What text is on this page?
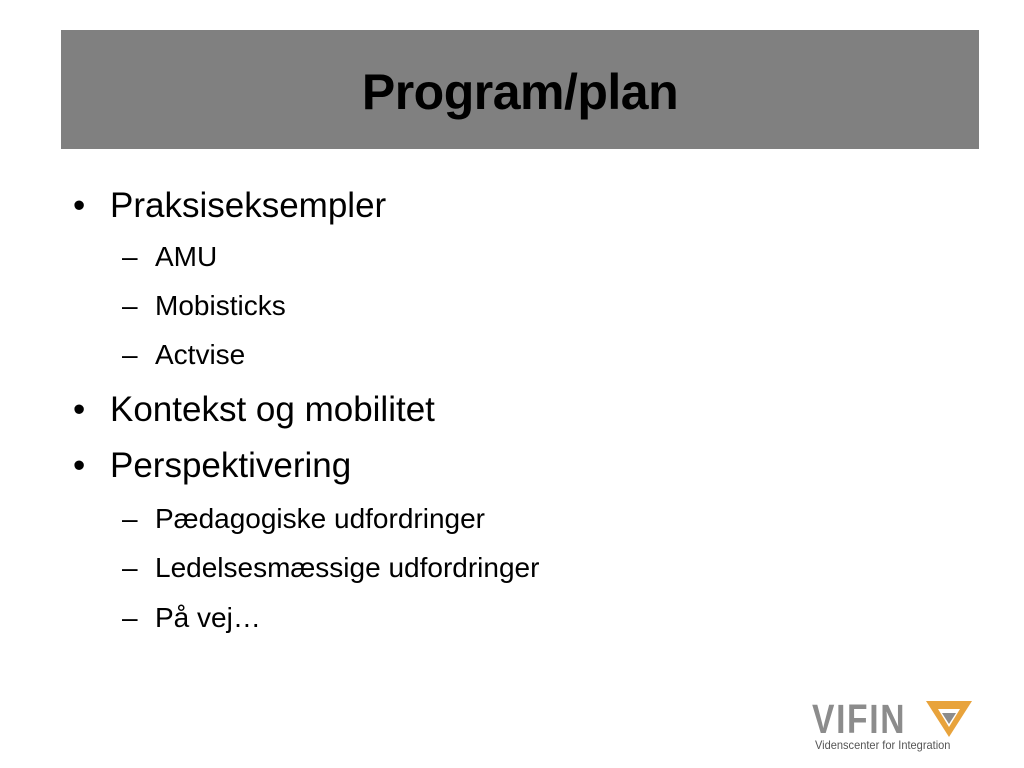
Program/plan
• Praksiseksempler
– AMU
– Mobisticks
– Actvise
• Kontekst og mobilitet
• Perspektivering
– Pædagogiske udfordringer
– Ledelsesmæssige udfordringer
– På vej…
VIFIN
Videnscenter for Integration
